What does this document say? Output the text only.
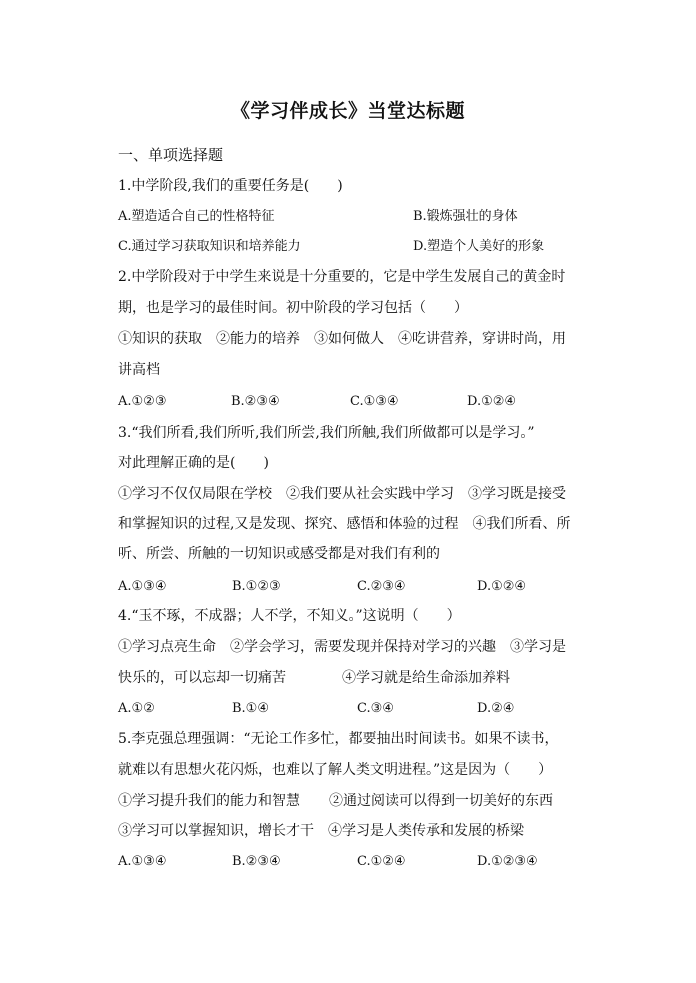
《学习伴成长》当堂达标题
一、单项选择题
1.中学阶段,我们的重要任务是(　　)
A.塑造适合自己的性格特征	B.锻炼强壮的身体
C.通过学习获取知识和培养能力	D.塑造个人美好的形象
2.中学阶段对于中学生来说是十分重要的，它是中学生发展自己的黄金时
期，也是学习的最佳时间。初中阶段的学习包括（　　）
①知识的获取　②能力的培养　③如何做人　④吃讲营养，穿讲时尚，用
讲高档
A.①②③	B.②③④	C.①③④	D.①②④
3.“我们所看,我们所听,我们所尝,我们所触,我们所做都可以是学习。”
对此理解正确的是(　　)
①学习不仅仅局限在学校　②我们要从社会实践中学习　③学习既是接受
和掌握知识的过程,又是发现、探究、感悟和体验的过程　④我们所看、所
听、所尝、所触的一切知识或感受都是对我们有利的
A.①③④	B.①②③	C.②③④	D.①②④
4.“玉不琢，不成器；人不学，不知义。”这说明（　　）
①学习点亮生命　②学会学习，需要发现并保持对学习的兴趣　③学习是
快乐的，可以忘却一切痛苦	④学习就是给生命添加养料
A.①②	B.①④	C.③④	D.②④
5.李克强总理强调：“无论工作多忙，都要抽出时间读书。如果不读书，
就难以有思想火花闪烁，也难以了解人类文明进程。”这是因为（　　）
①学习提升我们的能力和智慧 ②通过阅读可以得到一切美好的东西
③学习可以掌握知识，增长才干　④学习是人类传承和发展的桥梁
A.①③④	B.②③④	C.①②④	D.①②③④
